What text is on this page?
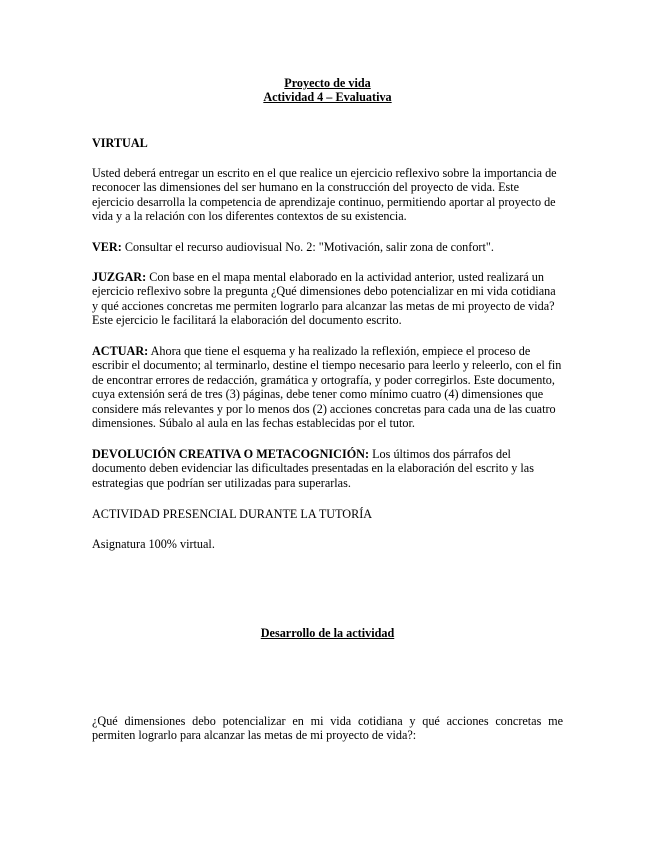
Proyecto de vida
Actividad 4 – Evaluativa
VIRTUAL
Usted deberá entregar un escrito en el que realice un ejercicio reflexivo sobre la importancia de reconocer las dimensiones del ser humano en la construcción del proyecto de vida. Este ejercicio desarrolla la competencia de aprendizaje continuo, permitiendo aportar al proyecto de vida y a la relación con los diferentes contextos de su existencia.
VER: Consultar el recurso audiovisual No. 2: "Motivación, salir zona de confort".
JUZGAR: Con base en el mapa mental elaborado en la actividad anterior, usted realizará un ejercicio reflexivo sobre la pregunta ¿Qué dimensiones debo potencializar en mi vida cotidiana y qué acciones concretas me permiten lograrlo para alcanzar las metas de mi proyecto de vida? Este ejercicio le facilitará la elaboración del documento escrito.
ACTUAR: Ahora que tiene el esquema y ha realizado la reflexión, empiece el proceso de escribir el documento; al terminarlo, destine el tiempo necesario para leerlo y releerlo, con el fin de encontrar errores de redacción, gramática y ortografía, y poder corregirlos. Este documento, cuya extensión será de tres (3) páginas, debe tener como mínimo cuatro (4) dimensiones que considere más relevantes y por lo menos dos (2) acciones concretas para cada una de las cuatro dimensiones. Súbalo al aula en las fechas establecidas por el tutor.
DEVOLUCIÓN CREATIVA O METACOGNICIÓN: Los últimos dos párrafos del documento deben evidenciar las dificultades presentadas en la elaboración del escrito y las estrategias que podrían ser utilizadas para superarlas.
ACTIVIDAD PRESENCIAL DURANTE LA TUTORÍA
Asignatura 100% virtual.
Desarrollo de la actividad
¿Qué dimensiones debo potencializar en mi vida cotidiana y qué acciones concretas me permiten lograrlo para alcanzar las metas de mi proyecto de vida?:
